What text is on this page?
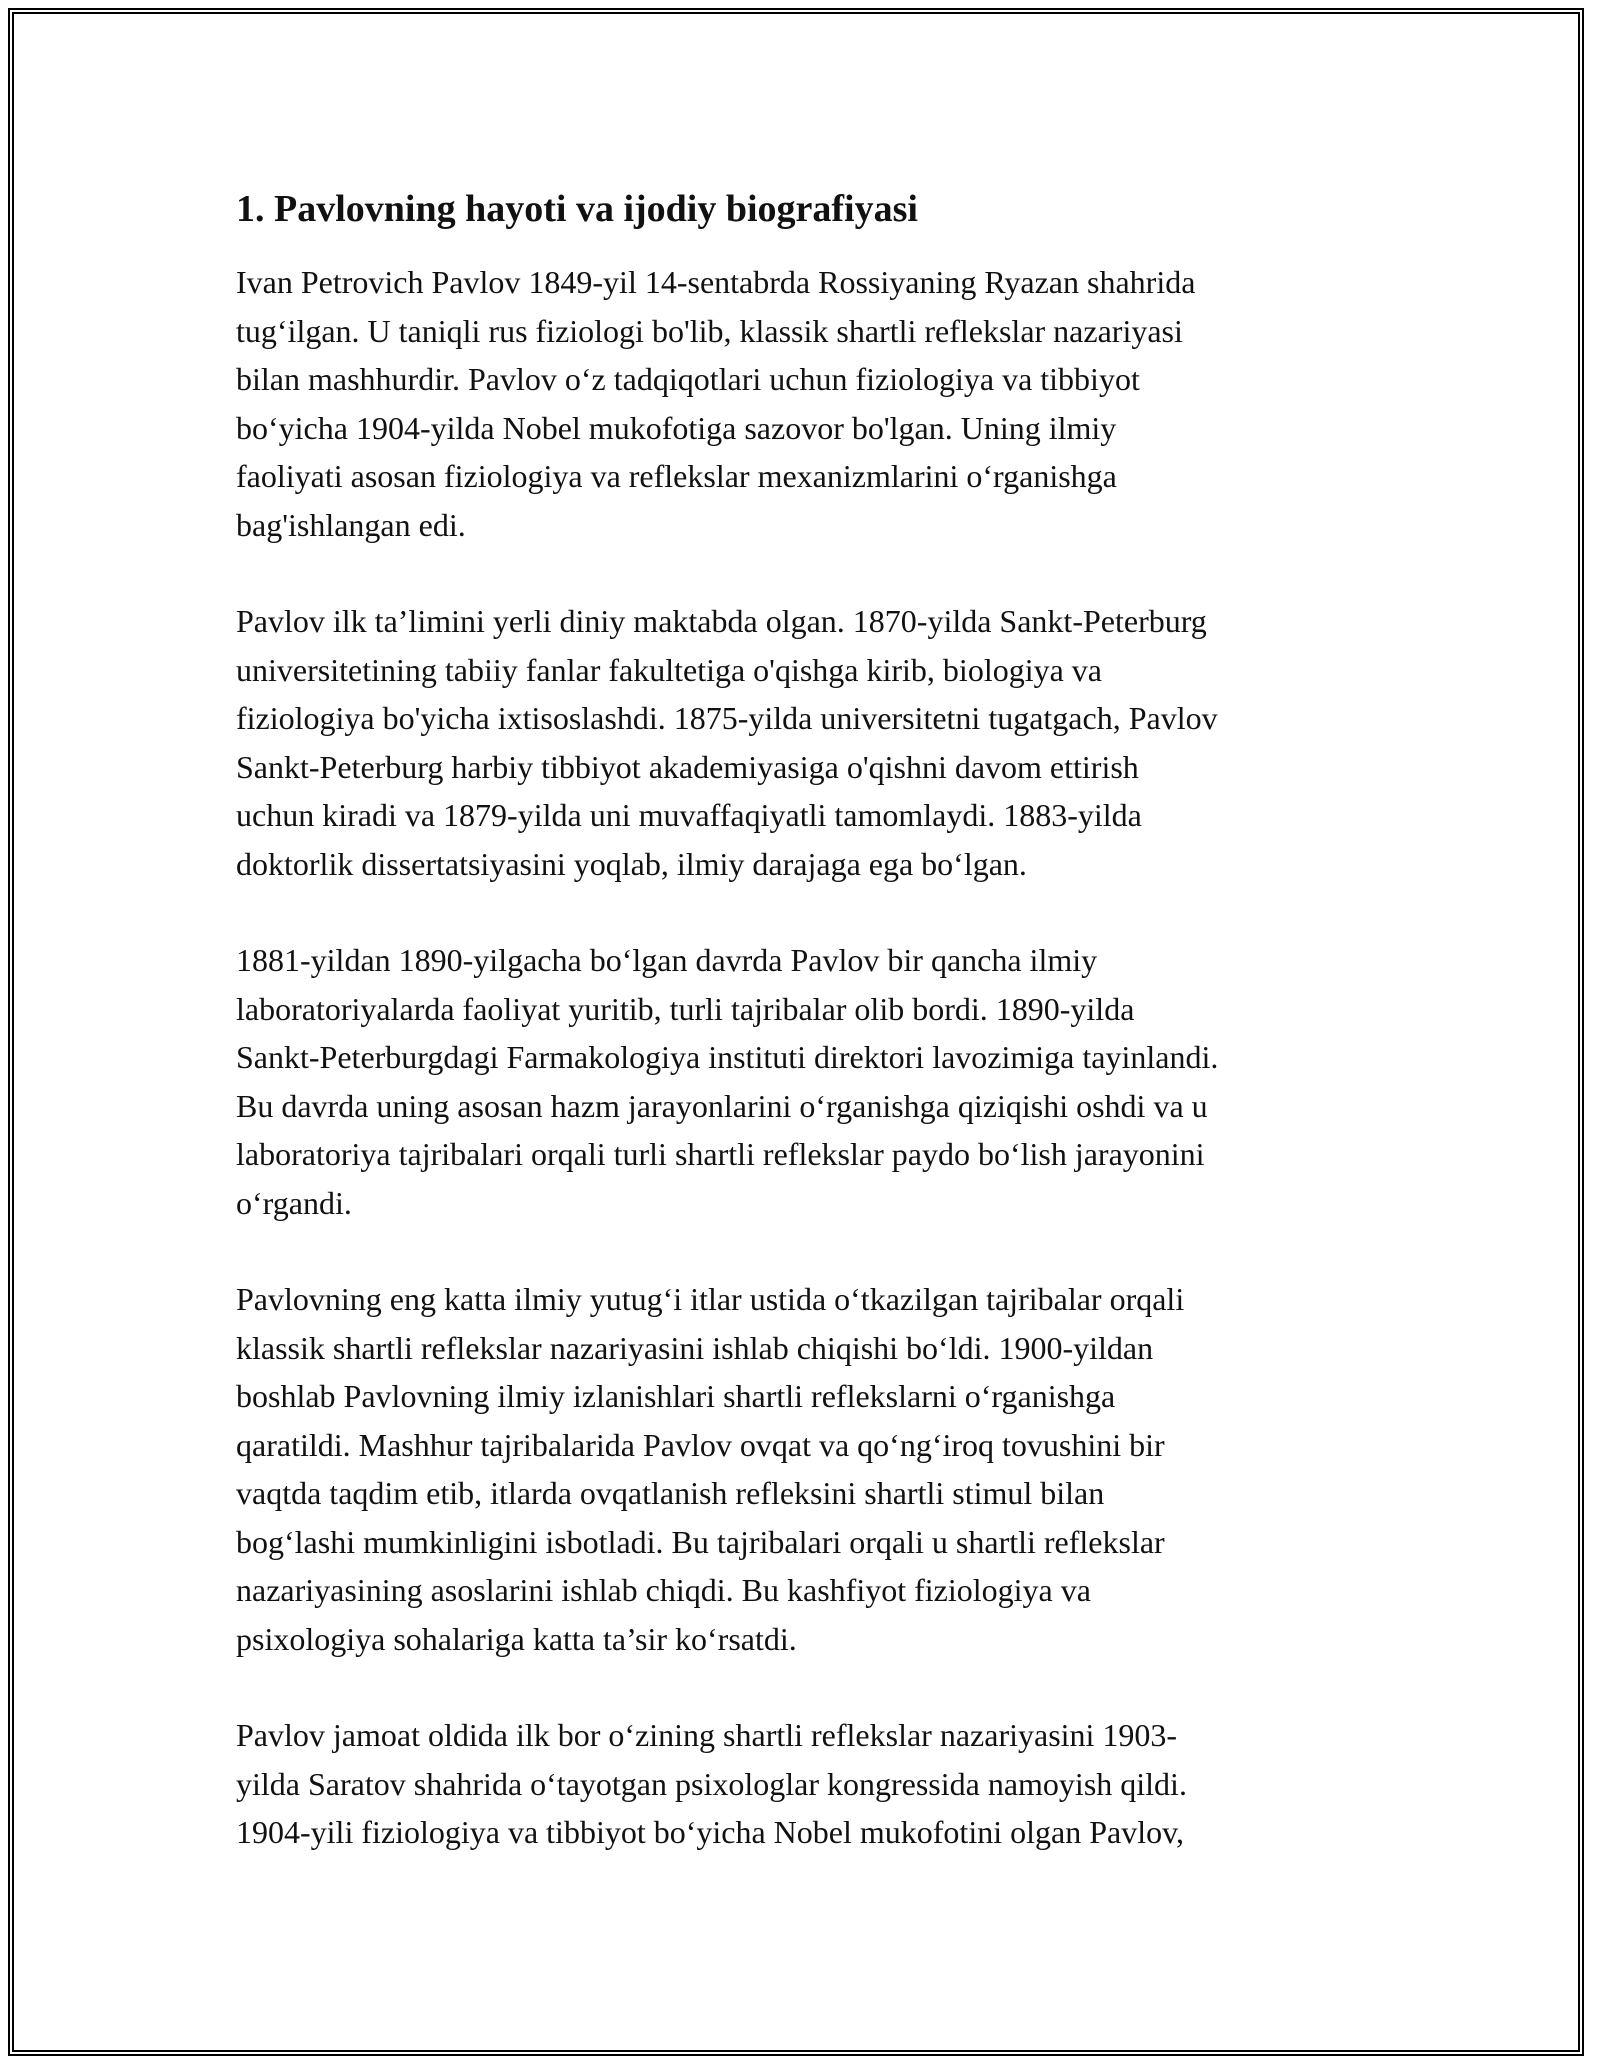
1. Pavlovning hayoti va ijodiy biografiyasi

Ivan Petrovich Pavlov 1849-yil 14-sentabrda Rossiyaning Ryazan shahrida
tug‘ilgan. U taniqli rus fiziologi bo'lib, klassik shartli reflekslar nazariyasi
bilan mashhurdir. Pavlov o‘z tadqiqotlari uchun fiziologiya va tibbiyot
bo‘yicha 1904-yilda Nobel mukofotiga sazovor bo'lgan. Uning ilmiy
faoliyati asosan fiziologiya va reflekslar mexanizmlarini o‘rganishga
bag'ishlangan edi.

Pavlov ilk ta’limini yerli diniy maktabda olgan. 1870-yilda Sankt-Peterburg
universitetining tabiiy fanlar fakultetiga o'qishga kirib, biologiya va
fiziologiya bo'yicha ixtisoslashdi. 1875-yilda universitetni tugatgach, Pavlov
Sankt-Peterburg harbiy tibbiyot akademiyasiga o'qishni davom ettirish
uchun kiradi va 1879-yilda uni muvaffaqiyatli tamomlaydi. 1883-yilda
doktorlik dissertatsiyasini yoqlab, ilmiy darajaga ega bo‘lgan.

1881-yildan 1890-yilgacha bo‘lgan davrda Pavlov bir qancha ilmiy
laboratoriyalarda faoliyat yuritib, turli tajribalar olib bordi. 1890-yilda
Sankt-Peterburgdagi Farmakologiya instituti direktori lavozimiga tayinlandi.
Bu davrda uning asosan hazm jarayonlarini o‘rganishga qiziqishi oshdi va u
laboratoriya tajribalari orqali turli shartli reflekslar paydo bo‘lish jarayonini
o‘rgandi.

Pavlovning eng katta ilmiy yutug‘i itlar ustida o‘tkazilgan tajribalar orqali
klassik shartli reflekslar nazariyasini ishlab chiqishi bo‘ldi. 1900-yildan
boshlab Pavlovning ilmiy izlanishlari shartli reflekslarni o‘rganishga
qaratildi. Mashhur tajribalarida Pavlov ovqat va qo‘ng‘iroq tovushini bir
vaqtda taqdim etib, itlarda ovqatlanish refleksini shartli stimul bilan
bog‘lashi mumkinligini isbotladi. Bu tajribalari orqali u shartli reflekslar
nazariyasining asoslarini ishlab chiqdi. Bu kashfiyot fiziologiya va
psixologiya sohalariga katta ta’sir ko‘rsatdi.

Pavlov jamoat oldida ilk bor o‘zining shartli reflekslar nazariyasini 1903-
yilda Saratov shahrida o‘tayotgan psixologlar kongressida namoyish qildi.
1904-yili fiziologiya va tibbiyot bo‘yicha Nobel mukofotini olgan Pavlov,
